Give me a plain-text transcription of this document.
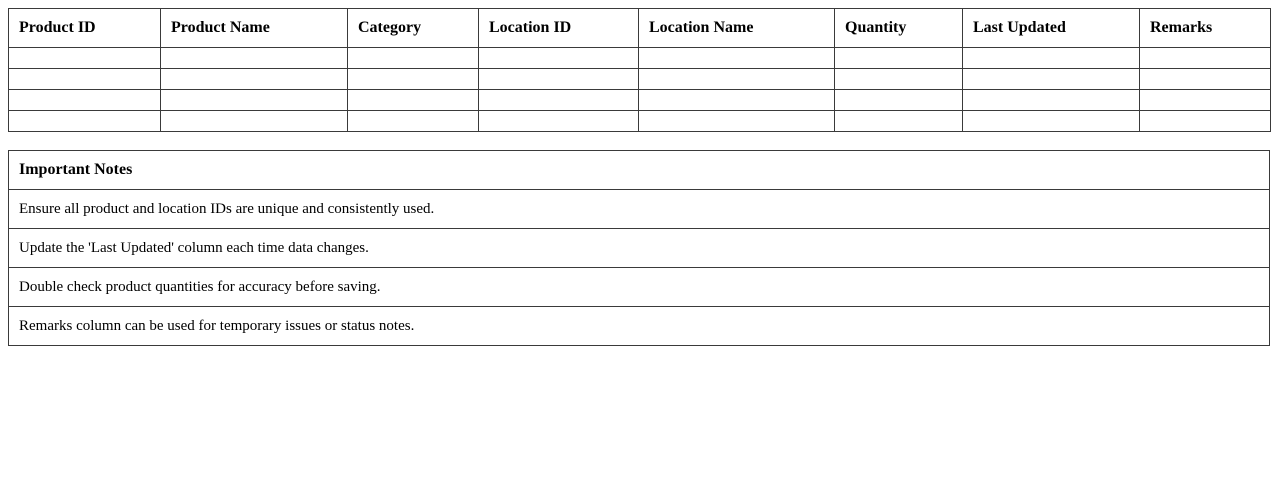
Product ID	Product Name	Category	Location ID	Location Name	Quantity	Last Updated	Remarks

Important Notes
Ensure all product and location IDs are unique and consistently used.
Update the 'Last Updated' column each time data changes.
Double check product quantities for accuracy before saving.
Remarks column can be used for temporary issues or status notes.
